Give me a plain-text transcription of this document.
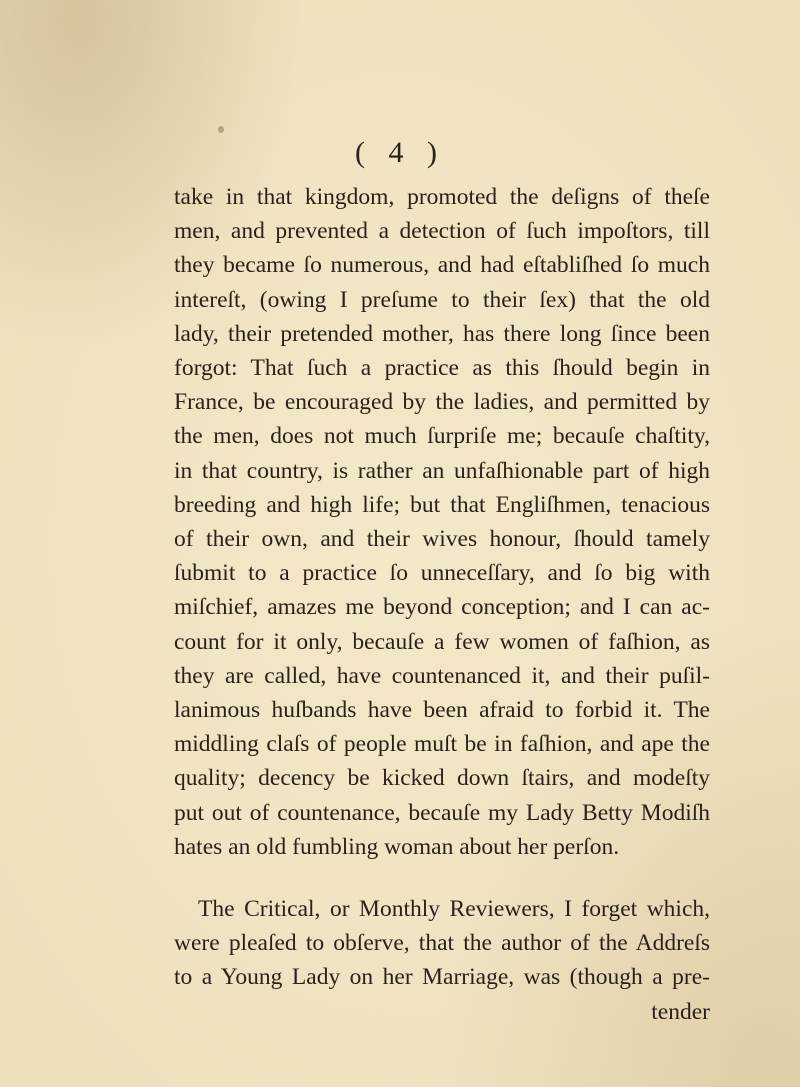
( 4 )
take in that kingdom, promoted the deſigns of theſe
men, and prevented a detection of ſuch impoſtors, till
they became ſo numerous, and had eſtabliſhed ſo much
intereſt, (owing I preſume to their ſex) that the old
lady, their pretended mother, has there long ſince been
forgot: That ſuch a practice as this ſhould begin in
France, be encouraged by the ladies, and permitted by
the men, does not much ſurpriſe me; becauſe chaſtity,
in that country, is rather an unfaſhionable part of high
breeding and high life; but that Engliſhmen, tenacious
of their own, and their wives honour, ſhould tamely
ſubmit to a practice ſo unneceſſary, and ſo big with
miſchief, amazes me beyond conception; and I can ac-
count for it only, becauſe a few women of faſhion, as
they are called, have countenanced it, and their puſil-
lanimous huſbands have been afraid to forbid it. The
middling claſs of people muſt be in faſhion, and ape the
quality; decency be kicked down ſtairs, and modeſty
put out of countenance, becauſe my Lady Betty Modiſh
hates an old fumbling woman about her perſon.
The Critical, or Monthly Reviewers, I forget which,
were pleaſed to obſerve, that the author of the Addreſs
to a Young Lady on her Marriage, was (though a pre-
tender
